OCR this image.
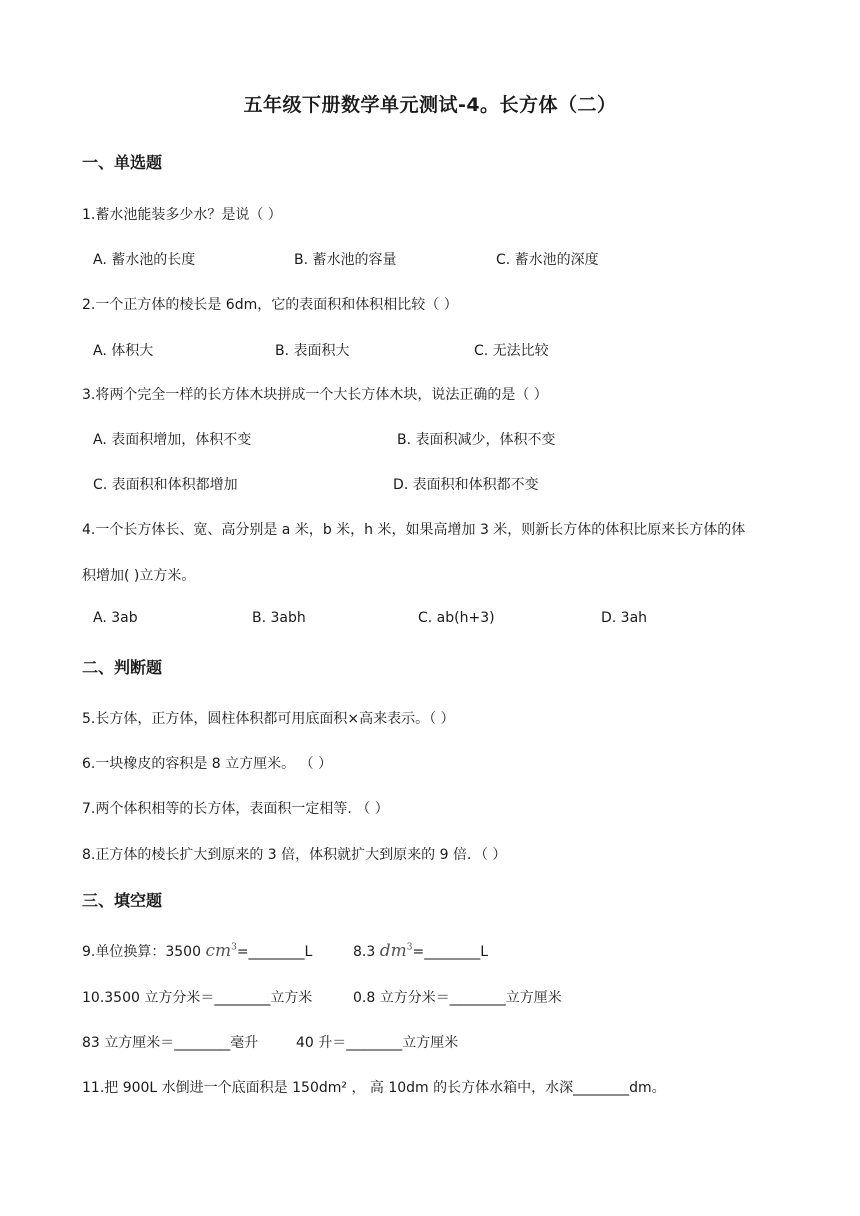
五年级下册数学单元测试-4。长方体（二）
一、单选题
1.蓄水池能装多少水？是说（ ）
A. 蓄水池的长度	B. 蓄水池的容量	C. 蓄水池的深度
2.一个正方体的棱长是 6dm，它的表面积和体积相比较（ ）
A. 体积大	B. 表面积大	C. 无法比较
3.将两个完全一样的长方体木块拼成一个大长方体木块，说法正确的是（ ）
A. 表面积增加，体积不变	B. 表面积减少，体积不变
C. 表面积和体积都增加	D. 表面积和体积都不变
4.一个长方体长、宽、高分别是 a 米，b 米，h 米，如果高增加 3 米，则新长方体的体积比原来长方体的体
积增加( )立方米。
A. 3ab	B. 3abh	C. ab(h+3)	D. 3ah
二、判断题
5.长方体，正方体，圆柱体积都可用底面积×高来表示。（ ）
6.一块橡皮的容积是 8 立方厘米。 （ ）
7.两个体积相等的长方体，表面积一定相等. （ ）
8.正方体的棱长扩大到原来的 3 倍，体积就扩大到原来的 9 倍．（ ）
三、填空题
9.单位换算：3500 $cm^3=\_\_\_\_\_\_\_\_L$	8.3 $dm^3=\_\_\_\_\_\_\_\_L$
10.3500 立方分米＝________立方米	0.8 立方分米＝________立方厘米
83 立方厘米＝________毫升	40 升＝________立方厘米
11.把 900L 水倒进一个底面积是 150dm² ， 高 10dm 的长方体水箱中，水深________dm。
